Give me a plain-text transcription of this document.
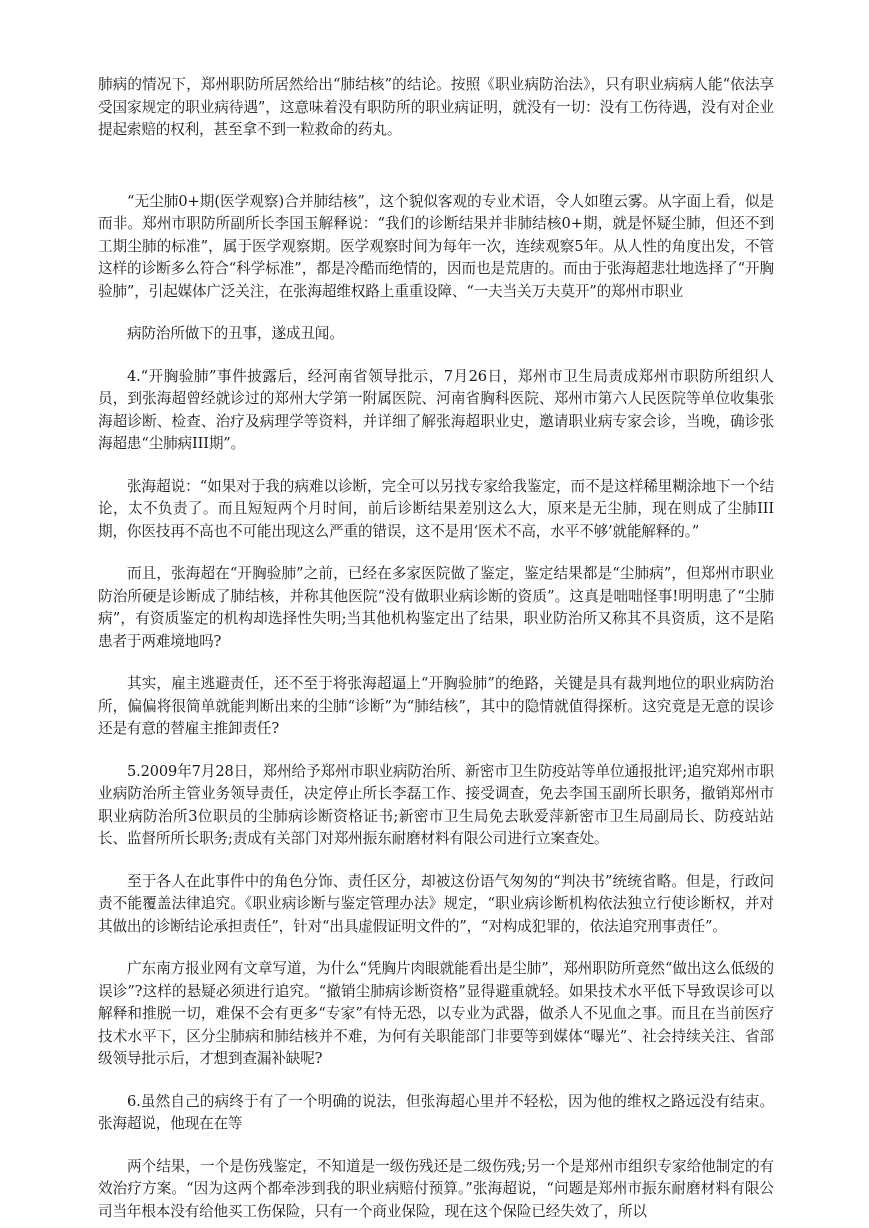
肺病的情况下，郑州职防所居然给出“肺结核”的结论。按照《职业病防治法》，只有职业病病人能“依法享受国家规定的职业病待遇”，这意味着没有职防所的职业病证明，就没有一切：没有工伤待遇，没有对企业提起索赔的权利，甚至拿不到一粒救命的药丸。

“无尘肺0+期(医学观察)合并肺结核”，这个貌似客观的专业术语，令人如堕云雾。从字面上看，似是而非。郑州市职防所副所长李国玉解释说：“我们的诊断结果并非肺结核0+期，就是怀疑尘肺，但还不到工期尘肺的标准”，属于医学观察期。医学观察时间为每年一次，连续观察5年。从人性的角度出发，不管这样的诊断多么符合“科学标准”，都是冷酷而绝情的，因而也是荒唐的。而由于张海超悲壮地选择了“开胸验肺”，引起媒体广泛关注，在张海超维权路上重重设障、“一夫当关万夫莫开”的郑州市职业

病防治所做下的丑事，遂成丑闻。

4.“开胸验肺”事件披露后，经河南省领导批示，7月26日，郑州市卫生局责成郑州市职防所组织人员，到张海超曾经就诊过的郑州大学第一附属医院、河南省胸科医院、郑州市第六人民医院等单位收集张海超诊断、检查、治疗及病理学等资料，并详细了解张海超职业史，邀请职业病专家会诊，当晚，确诊张海超患“尘肺病III期”。

张海超说：“如果对于我的病难以诊断，完全可以另找专家给我鉴定，而不是这样稀里糊涂地下一个结论，太不负责了。而且短短两个月时间，前后诊断结果差别这么大，原来是无尘肺，现在则成了尘肺III期，你医技再不高也不可能出现这么严重的错误，这不是用‘医术不高，水平不够’就能解释的。”

而且，张海超在“开胸验肺”之前，已经在多家医院做了鉴定，鉴定结果都是“尘肺病”，但郑州市职业防治所硬是诊断成了肺结核，并称其他医院“没有做职业病诊断的资质”。这真是咄咄怪事!明明患了“尘肺病”，有资质鉴定的机构却选择性失明;当其他机构鉴定出了结果，职业防治所又称其不具资质，这不是陷患者于两难境地吗?

其实，雇主逃避责任，还不至于将张海超逼上“开胸验肺”的绝路，关键是具有裁判地位的职业病防治所，偏偏将很简单就能判断出来的尘肺“诊断”为“肺结核”，其中的隐情就值得探析。这究竟是无意的误诊还是有意的替雇主推卸责任?

5.2009年7月28日，郑州给予郑州市职业病防治所、新密市卫生防疫站等单位通报批评;追究郑州市职业病防治所主管业务领导责任，决定停止所长李磊工作、接受调查，免去李国玉副所长职务，撤销郑州市职业病防治所3位职员的尘肺病诊断资格证书;新密市卫生局免去耿爱萍新密市卫生局副局长、防疫站站长、监督所所长职务;责成有关部门对郑州振东耐磨材料有限公司进行立案查处。

至于各人在此事件中的角色分饰、责任区分，却被这份语气匆匆的“判决书”统统省略。但是，行政问责不能覆盖法律追究。《职业病诊断与鉴定管理办法》规定，“职业病诊断机构依法独立行使诊断权，并对其做出的诊断结论承担责任”，针对“出具虚假证明文件的”，“对构成犯罪的，依法追究刑事责任”。

广东南方报业网有文章写道，为什么“凭胸片肉眼就能看出是尘肺”，郑州职防所竟然“做出这么低级的误诊”?这样的悬疑必须进行追究。“撤销尘肺病诊断资格”显得避重就轻。如果技术水平低下导致误诊可以解释和推脱一切，难保不会有更多“专家”有恃无恐，以专业为武器，做杀人不见血之事。而且在当前医疗技术水平下，区分尘肺病和肺结核并不难，为何有关职能部门非要等到媒体“曝光”、社会持续关注、省部级领导批示后，才想到查漏补缺呢?

6.虽然自己的病终于有了一个明确的说法，但张海超心里并不轻松，因为他的维权之路远没有结束。张海超说，他现在在等

两个结果，一个是伤残鉴定，不知道是一级伤残还是二级伤残;另一个是郑州市组织专家给他制定的有效治疗方案。“因为这两个都牵涉到我的职业病赔付预算。”张海超说，“问题是郑州市振东耐磨材料有限公司当年根本没有给他买工伤保险，只有一个商业保险，现在这个保险已经失效了，所以
